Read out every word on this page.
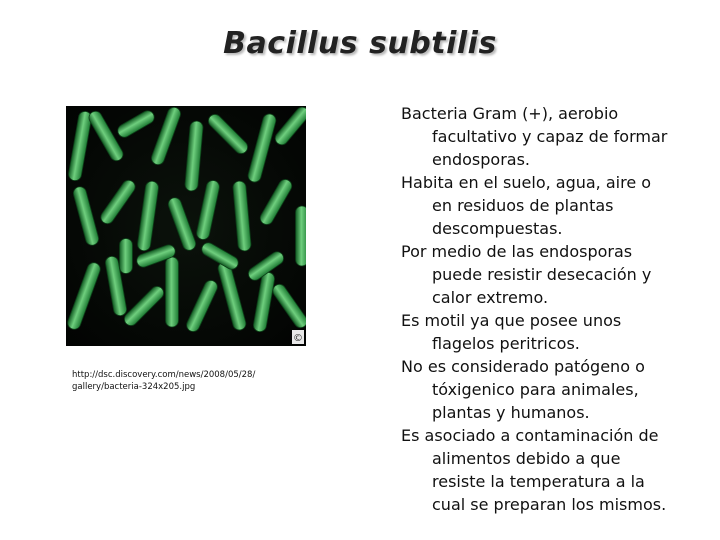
Bacillus subtilis
©
http://dsc.discovery.com/news/2008/05/28/
gallery/bacteria-324x205.jpg
Bacteria Gram (+), aerobio
facultativo y capaz de formar
endosporas.
Habita en el suelo, agua, aire o
en residuos de plantas
descompuestas.
Por medio de las endosporas
puede resistir desecación y
calor extremo.
Es motil ya que posee unos
flagelos peritricos.
No es considerado patógeno o
tóxigenico para animales,
plantas y humanos.
Es asociado a contaminación de
alimentos debido a que
resiste la temperatura a la
cual se preparan los mismos.
